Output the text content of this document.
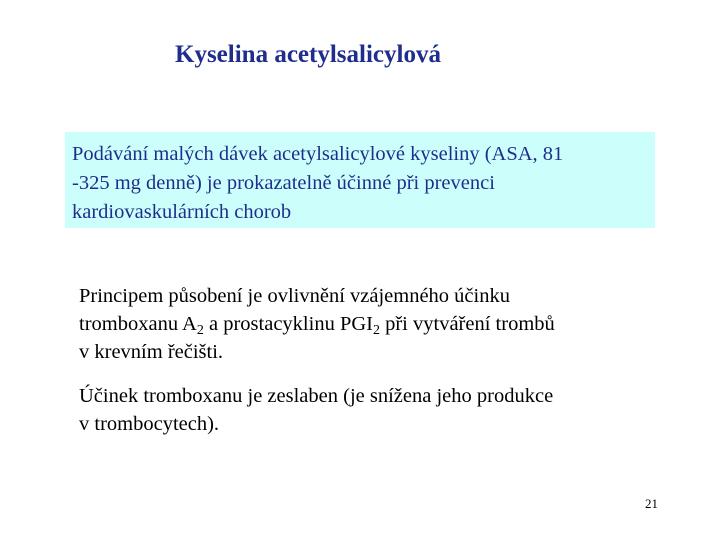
Kyselina acetylsalicylová
Podávání malých dávek acetylsalicylové kyseliny (ASA, 81
-325 mg denně) je prokazatelně účinné při prevenci
kardiovaskulárních chorob
Principem působení je ovlivnění vzájemného účinku
tromboxanu $A_2$ a prostacyklinu $PGI_2$ při vytváření trombů
v krevním řečišti.
Účinek tromboxanu je zeslaben (je snížena jeho produkce
v trombocytech).
21
